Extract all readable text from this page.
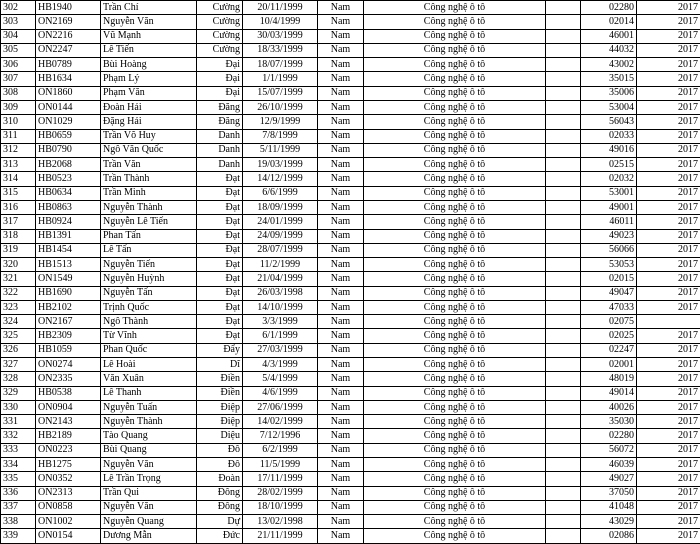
302	HB1940	Trần Chí	Cường	20/11/1999	Nam	Công nghệ ô tô		02280	2017
303	ON2169	Nguyễn Văn	Cường	10/4/1999	Nam	Công nghệ ô tô		02014	2017
304	ON2216	Vũ Mạnh	Cường	30/03/1999	Nam	Công nghệ ô tô		46001	2017
305	ON2247	Lê Tiến	Cường	18/33/1999	Nam	Công nghệ ô tô		44032	2017
306	HB0789	Bùi Hoàng	Đại	18/07/1999	Nam	Công nghệ ô tô		43002	2017
307	HB1634	Phạm Lý	Đại	1/1/1999	Nam	Công nghệ ô tô		35015	2017
308	ON1860	Phạm Văn	Đại	15/07/1999	Nam	Công nghệ ô tô		35006	2017
309	ON0144	Đoàn Hải	Đăng	26/10/1999	Nam	Công nghệ ô tô		53004	2017
310	ON1029	Đặng Hải	Đăng	12/9/1999	Nam	Công nghệ ô tô		56043	2017
311	HB0659	Trần Võ Huy	Danh	7/8/1999	Nam	Công nghệ ô tô		02033	2017
312	HB0790	Ngô Văn Quốc	Danh	5/11/1999	Nam	Công nghệ ô tô		49016	2017
313	HB2068	Trần Văn	Danh	19/03/1999	Nam	Công nghệ ô tô		02515	2017
314	HB0523	Trần Thành	Đạt	14/12/1999	Nam	Công nghệ ô tô		02032	2017
315	HB0634	Trần Minh	Đạt	6/6/1999	Nam	Công nghệ ô tô		53001	2017
316	HB0863	Nguyễn Thành	Đạt	18/09/1999	Nam	Công nghệ ô tô		49001	2017
317	HB0924	Nguyễn Lê Tiến	Đạt	24/01/1999	Nam	Công nghệ ô tô		46011	2017
318	HB1391	Phan Tấn	Đạt	24/09/1999	Nam	Công nghệ ô tô		49023	2017
319	HB1454	Lê Tấn	Đạt	28/07/1999	Nam	Công nghệ ô tô		56066	2017
320	HB1513	Nguyễn Tiến	Đạt	11/2/1999	Nam	Công nghệ ô tô		53053	2017
321	ON1549	Nguyễn Huỳnh	Đạt	21/04/1999	Nam	Công nghệ ô tô		02015	2017
322	HB1690	Nguyễn Tấn	Đạt	26/03/1998	Nam	Công nghệ ô tô		49047	2017
323	HB2102	Trịnh Quốc	Đạt	14/10/1999	Nam	Công nghệ ô tô		47033	2017
324	ON2167	Ngô Thành	Đạt	3/3/1999	Nam	Công nghệ ô tô		02075	
325	HB2309	Từ Vĩnh	Đạt	6/1/1999	Nam	Công nghệ ô tô		02025	2017
326	HB1059	Phan Quốc	Đẩy	27/03/1999	Nam	Công nghệ ô tô		02247	2017
327	ON0274	Lê Hoài	Dĩ	4/3/1999	Nam	Công nghệ ô tô		02001	2017
328	ON2335	Văn Xuân	Điền	5/4/1999	Nam	Công nghệ ô tô		48019	2017
329	HB0538	Lê Thanh	Điền	4/6/1999	Nam	Công nghệ ô tô		49014	2017
330	ON0904	Nguyễn Tuấn	Điệp	27/06/1999	Nam	Công nghệ ô tô		40026	2017
331	ON2143	Nguyễn Thành	Điệp	14/02/1999	Nam	Công nghệ ô tô		35030	2017
332	HB2189	Tào Quang	Diệu	7/12/1996	Nam	Công nghệ ô tô		02280	2017
333	ON0223	Bùi Quang	Đô	6/2/1999	Nam	Công nghệ ô tô		56072	2017
334	HB1275	Nguyễn Văn	Đô	11/5/1999	Nam	Công nghệ ô tô		46039	2017
335	ON0352	Lê Trần Trọng	Đoàn	17/11/1999	Nam	Công nghệ ô tô		49027	2017
336	ON2313	Trần Qui	Đông	28/02/1999	Nam	Công nghệ ô tô		37050	2017
337	ON0858	Nguyễn Văn	Đông	18/10/1999	Nam	Công nghệ ô tô		41048	2017
338	ON1002	Nguyễn Quang	Dự	13/02/1998	Nam	Công nghệ ô tô		43029	2017
339	ON0154	Dương Mẫn	Đức	21/11/1999	Nam	Công nghệ ô tô		02086	2017
